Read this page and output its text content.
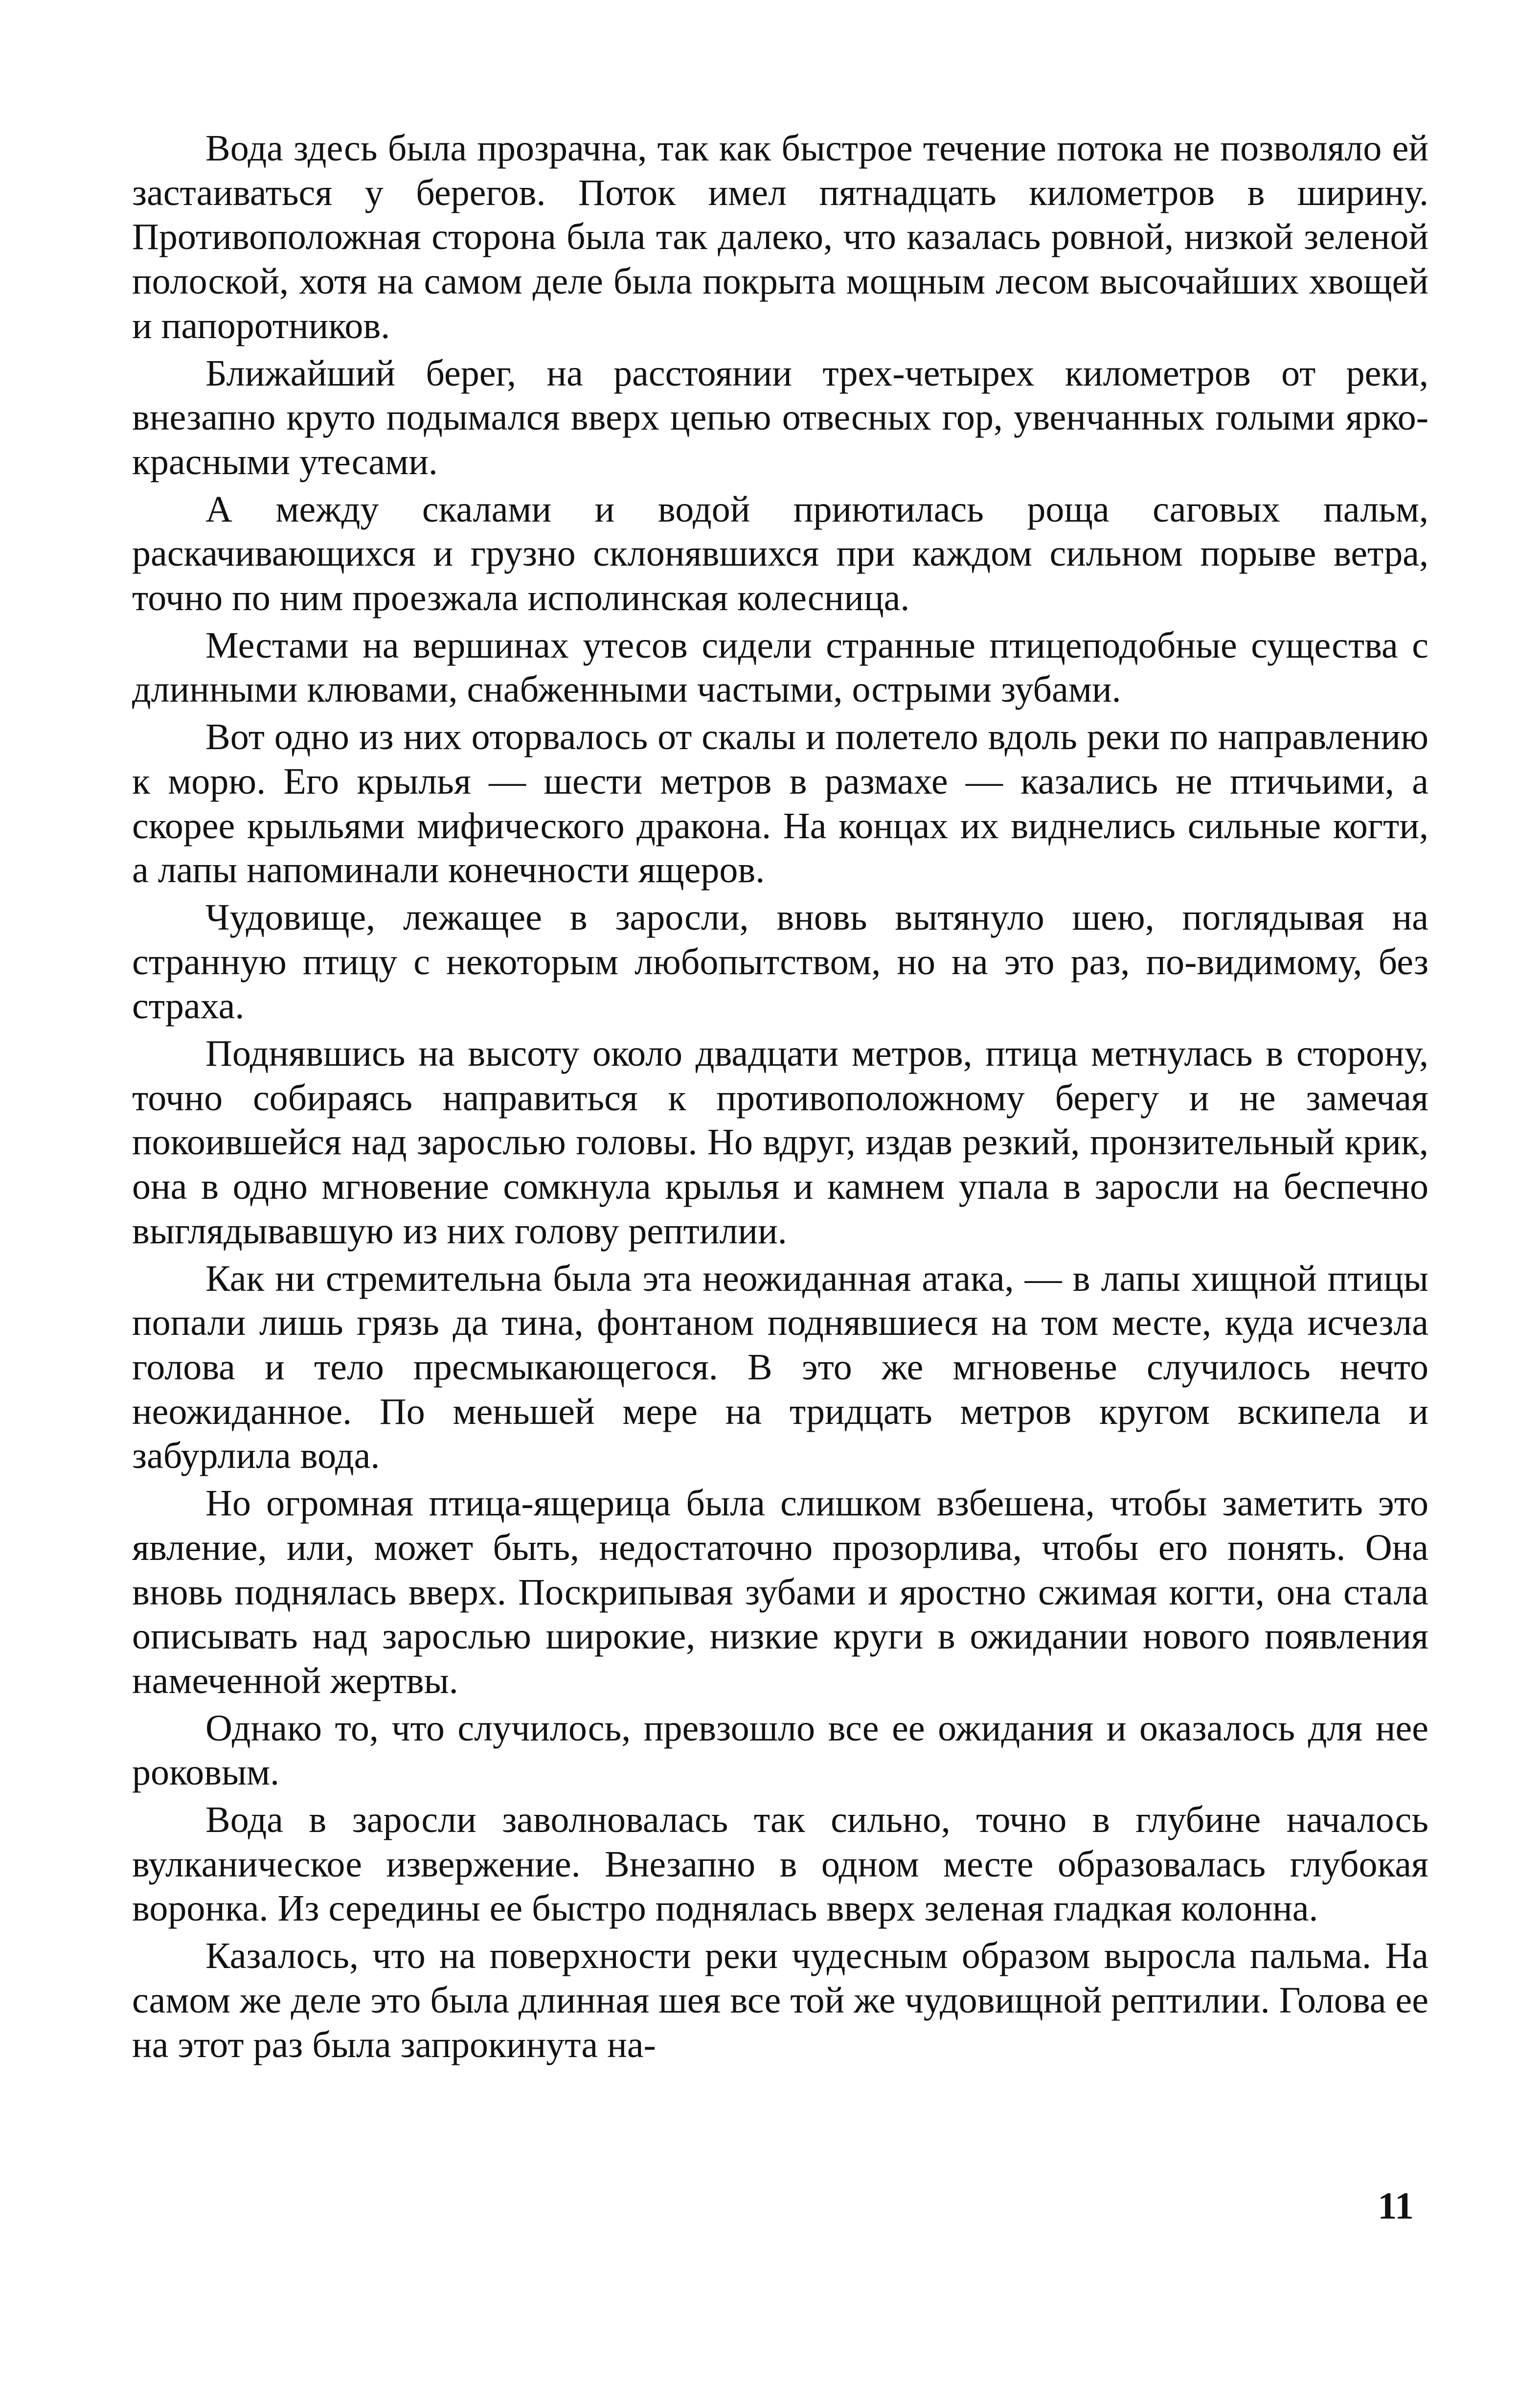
Вода здесь была прозрачна, так как быстрое течение потока не позволяло ей застаиваться у берегов. Поток имел пятнадцать километров в ширину. Противоположная сторона была так далеко, что казалась ровной, низкой зеленой полоской, хотя на самом деле была покрыта мощным лесом высочайших хвощей и папоротников.

Ближайший берег, на расстоянии трех-четырех километров от реки, внезапно круто подымался вверх цепью отвесных гор, увенчанных голыми ярко-красными утесами.

А между скалами и водой приютилась роща саговых пальм, раскачивающихся и грузно склонявшихся при каждом сильном порыве ветра, точно по ним проезжала исполинская колесница.

Местами на вершинах утесов сидели странные птицеподобные существа с длинными клювами, снабженными частыми, острыми зубами.

Вот одно из них оторвалось от скалы и полетело вдоль реки по направлению к морю. Его крылья — шести метров в размахе — казались не птичьими, а скорее крыльями мифического дракона. На концах их виднелись сильные когти, а лапы напоминали конечности ящеров.

Чудовище, лежащее в заросли, вновь вытянуло шею, поглядывая на странную птицу с некоторым любопытством, но на это раз, по-видимому, без страха.

Поднявшись на высоту около двадцати метров, птица метнулась в сторону, точно собираясь направиться к противоположному берегу и не замечая покоившейся над зарослью головы. Но вдруг, издав резкий, пронзительный крик, она в одно мгновение сомкнула крылья и камнем упала в заросли на беспечно выглядывавшую из них голову рептилии.

Как ни стремительна была эта неожиданная атака, — в лапы хищной птицы попали лишь грязь да тина, фонтаном поднявшиеся на том месте, куда исчезла голова и тело пресмыкающегося. В это же мгновенье случилось нечто неожиданное. По меньшей мере на тридцать метров кругом вскипела и забурлила вода.

Но огромная птица-ящерица была слишком взбешена, чтобы заметить это явление, или, может быть, недостаточно прозорлива, чтобы его понять. Она вновь поднялась вверх. Поскрипывая зубами и яростно сжимая когти, она стала описывать над зарослью широкие, низкие круги в ожидании нового появления намеченной жертвы.

Однако то, что случилось, превзошло все ее ожидания и оказалось для нее роковым.

Вода в заросли заволновалась так сильно, точно в глубине началось вулканическое извержение. Внезапно в одном месте образовалась глубокая воронка. Из середины ее быстро поднялась вверх зеленая гладкая колонна.

Казалось, что на поверхности реки чудесным образом выросла пальма. На самом же деле это была длинная шея все той же чудовищной рептилии. Голова ее на этот раз была запрокинута на-

11
